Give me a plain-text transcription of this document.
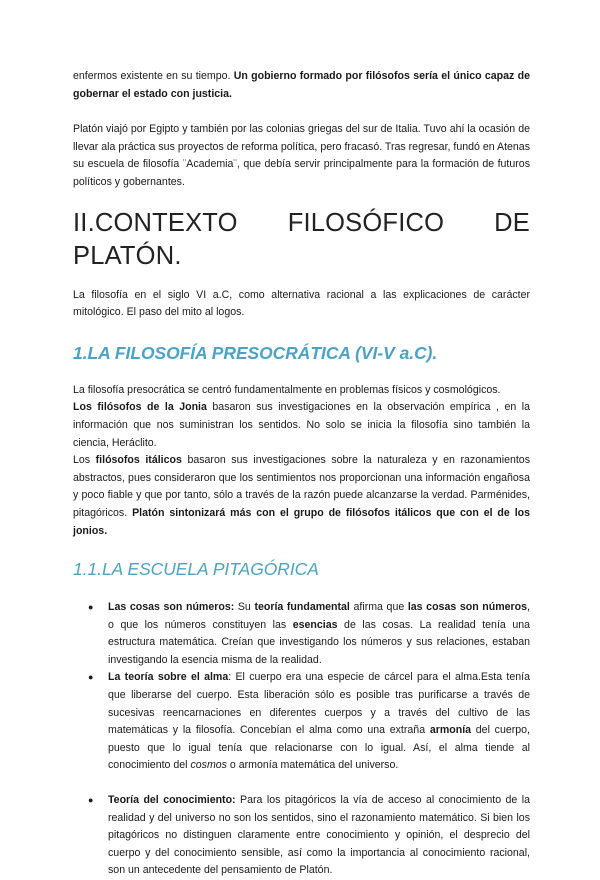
enfermos existente en su tiempo. Un gobierno formado por filósofos sería el único capaz de gobernar el estado con justicia.

Platón viajó por Egipto y también por las colonias griegas del sur de Italia. Tuvo ahí la ocasión de llevar ala práctica sus proyectos de reforma política, pero fracasó. Tras regresar, fundó en Atenas su escuela de filosofía ¨Academia¨, que debía servir principalmente para la formación de futuros políticos y gobernantes.

II.CONTEXTO FILOSÓFICO DE
PLATÓN.

La filosofía en el siglo VI a.C, como alternativa racional a las explicaciones de carácter mitológico. El paso del mito al logos.

1.LA FILOSOFÍA PRESOCRÁTICA (VI-V a.C).

La filosofía presocrática se centró fundamentalmente en problemas físicos y cosmológicos.

Los filósofos de la Jonia basaron sus investigaciones en la observación empírica , en la información que nos suministran los sentidos. No solo se inicia la filosofía sino también la ciencia, Heráclito.

Los filósofos itálicos basaron sus investigaciones sobre la naturaleza y en razonamientos abstractos, pues consideraron que los sentimientos nos proporcionan una información engañosa y poco fiable y que por tanto, sólo a través de la razón puede alcanzarse la verdad. Parménides, pitagóricos. Platón sintonizará más con el grupo de filósofos itálicos que con el de los jonios.

1.1.LA ESCUELA PITAGÓRICA
● Las cosas son números: Su teoría fundamental afirma que las cosas son números, o que los números constituyen las esencias de las cosas. La realidad tenía una estructura matemática. Creían que investigando los números y sus relaciones, estaban investigando la esencia misma de la realidad.
● La teoría sobre el alma: El cuerpo era una especie de cárcel para el alma.Esta tenía que liberarse del cuerpo. Esta liberación sólo es posible tras purificarse a través de sucesivas reencarnaciones en diferentes cuerpos y a través del cultivo de las matemáticas y la filosofía. Concebían el alma como una extraña armonía del cuerpo, puesto que lo igual tenía que relacionarse con lo igual. Así, el alma tiende al conocimiento del cosmos o armonía matemática del universo.
● Teoría del conocimiento: Para los pitagóricos la vía de acceso al conocimiento de la realidad y del universo no son los sentidos, sino el razonamiento matemático. Si bien los pitagóricos no distinguen claramente entre conocimiento y opinión, el desprecio del cuerpo y del conocimiento sensible, así como la importancia al conocimiento racional, son un antecedente del pensamiento de Platón.
